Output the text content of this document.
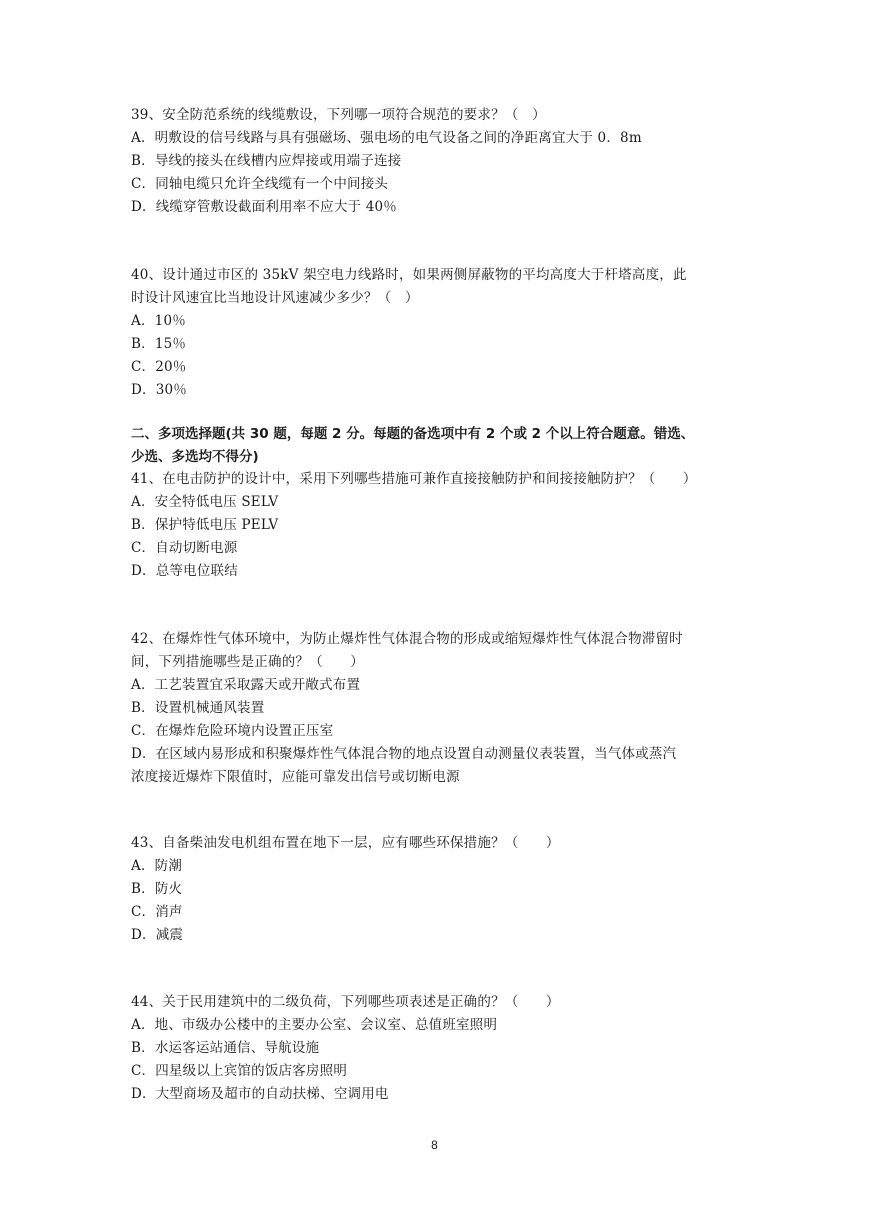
39、安全防范系统的线缆敷设，下列哪一项符合规范的要求？（　）
A．明敷设的信号线路与具有强磁场、强电场的电气设备之间的净距离宜大于 0．8m
B．导线的接头在线槽内应焊接或用端子连接
C．同轴电缆只允许全线缆有一个中间接头
D．线缆穿管敷设截面利用率不应大于 40％
40、设计通过市区的 35kV 架空电力线路时，如果两侧屏蔽物的平均高度大于杆塔高度，此
时设计风速宜比当地设计风速减少多少？（　）
A．10％
B．15％
C．20％
D．30％
二、多项选择题(共 30 题，每题 2 分。每题的备选项中有 2 个或 2 个以上符合题意。错选、
少选、多选均不得分)
41、在电击防护的设计中，采用下列哪些措施可兼作直接接触防护和间接接触防护？（　　）
A．安全特低电压 SELV
B．保护特低电压 PELV
C．自动切断电源
D．总等电位联结
42、在爆炸性气体环境中，为防止爆炸性气体混合物的形成或缩短爆炸性气体混合物滞留时
间，下列措施哪些是正确的？（　　）
A．工艺装置宜采取露天或开敞式布置
B．设置机械通风装置
C．在爆炸危险环境内设置正压室
D．在区域内易形成和积聚爆炸性气体混合物的地点设置自动测量仪表装置，当气体或蒸汽
浓度接近爆炸下限值时，应能可靠发出信号或切断电源
43、自备柴油发电机组布置在地下一层，应有哪些环保措施？（　　）
A．防潮
B．防火
C．消声
D．减震
44、关于民用建筑中的二级负荷，下列哪些项表述是正确的？（　　）
A．地、市级办公楼中的主要办公室、会议室、总值班室照明
B．水运客运站通信、导航设施
C．四星级以上宾馆的饭店客房照明
D．大型商场及超市的自动扶梯、空调用电
8
